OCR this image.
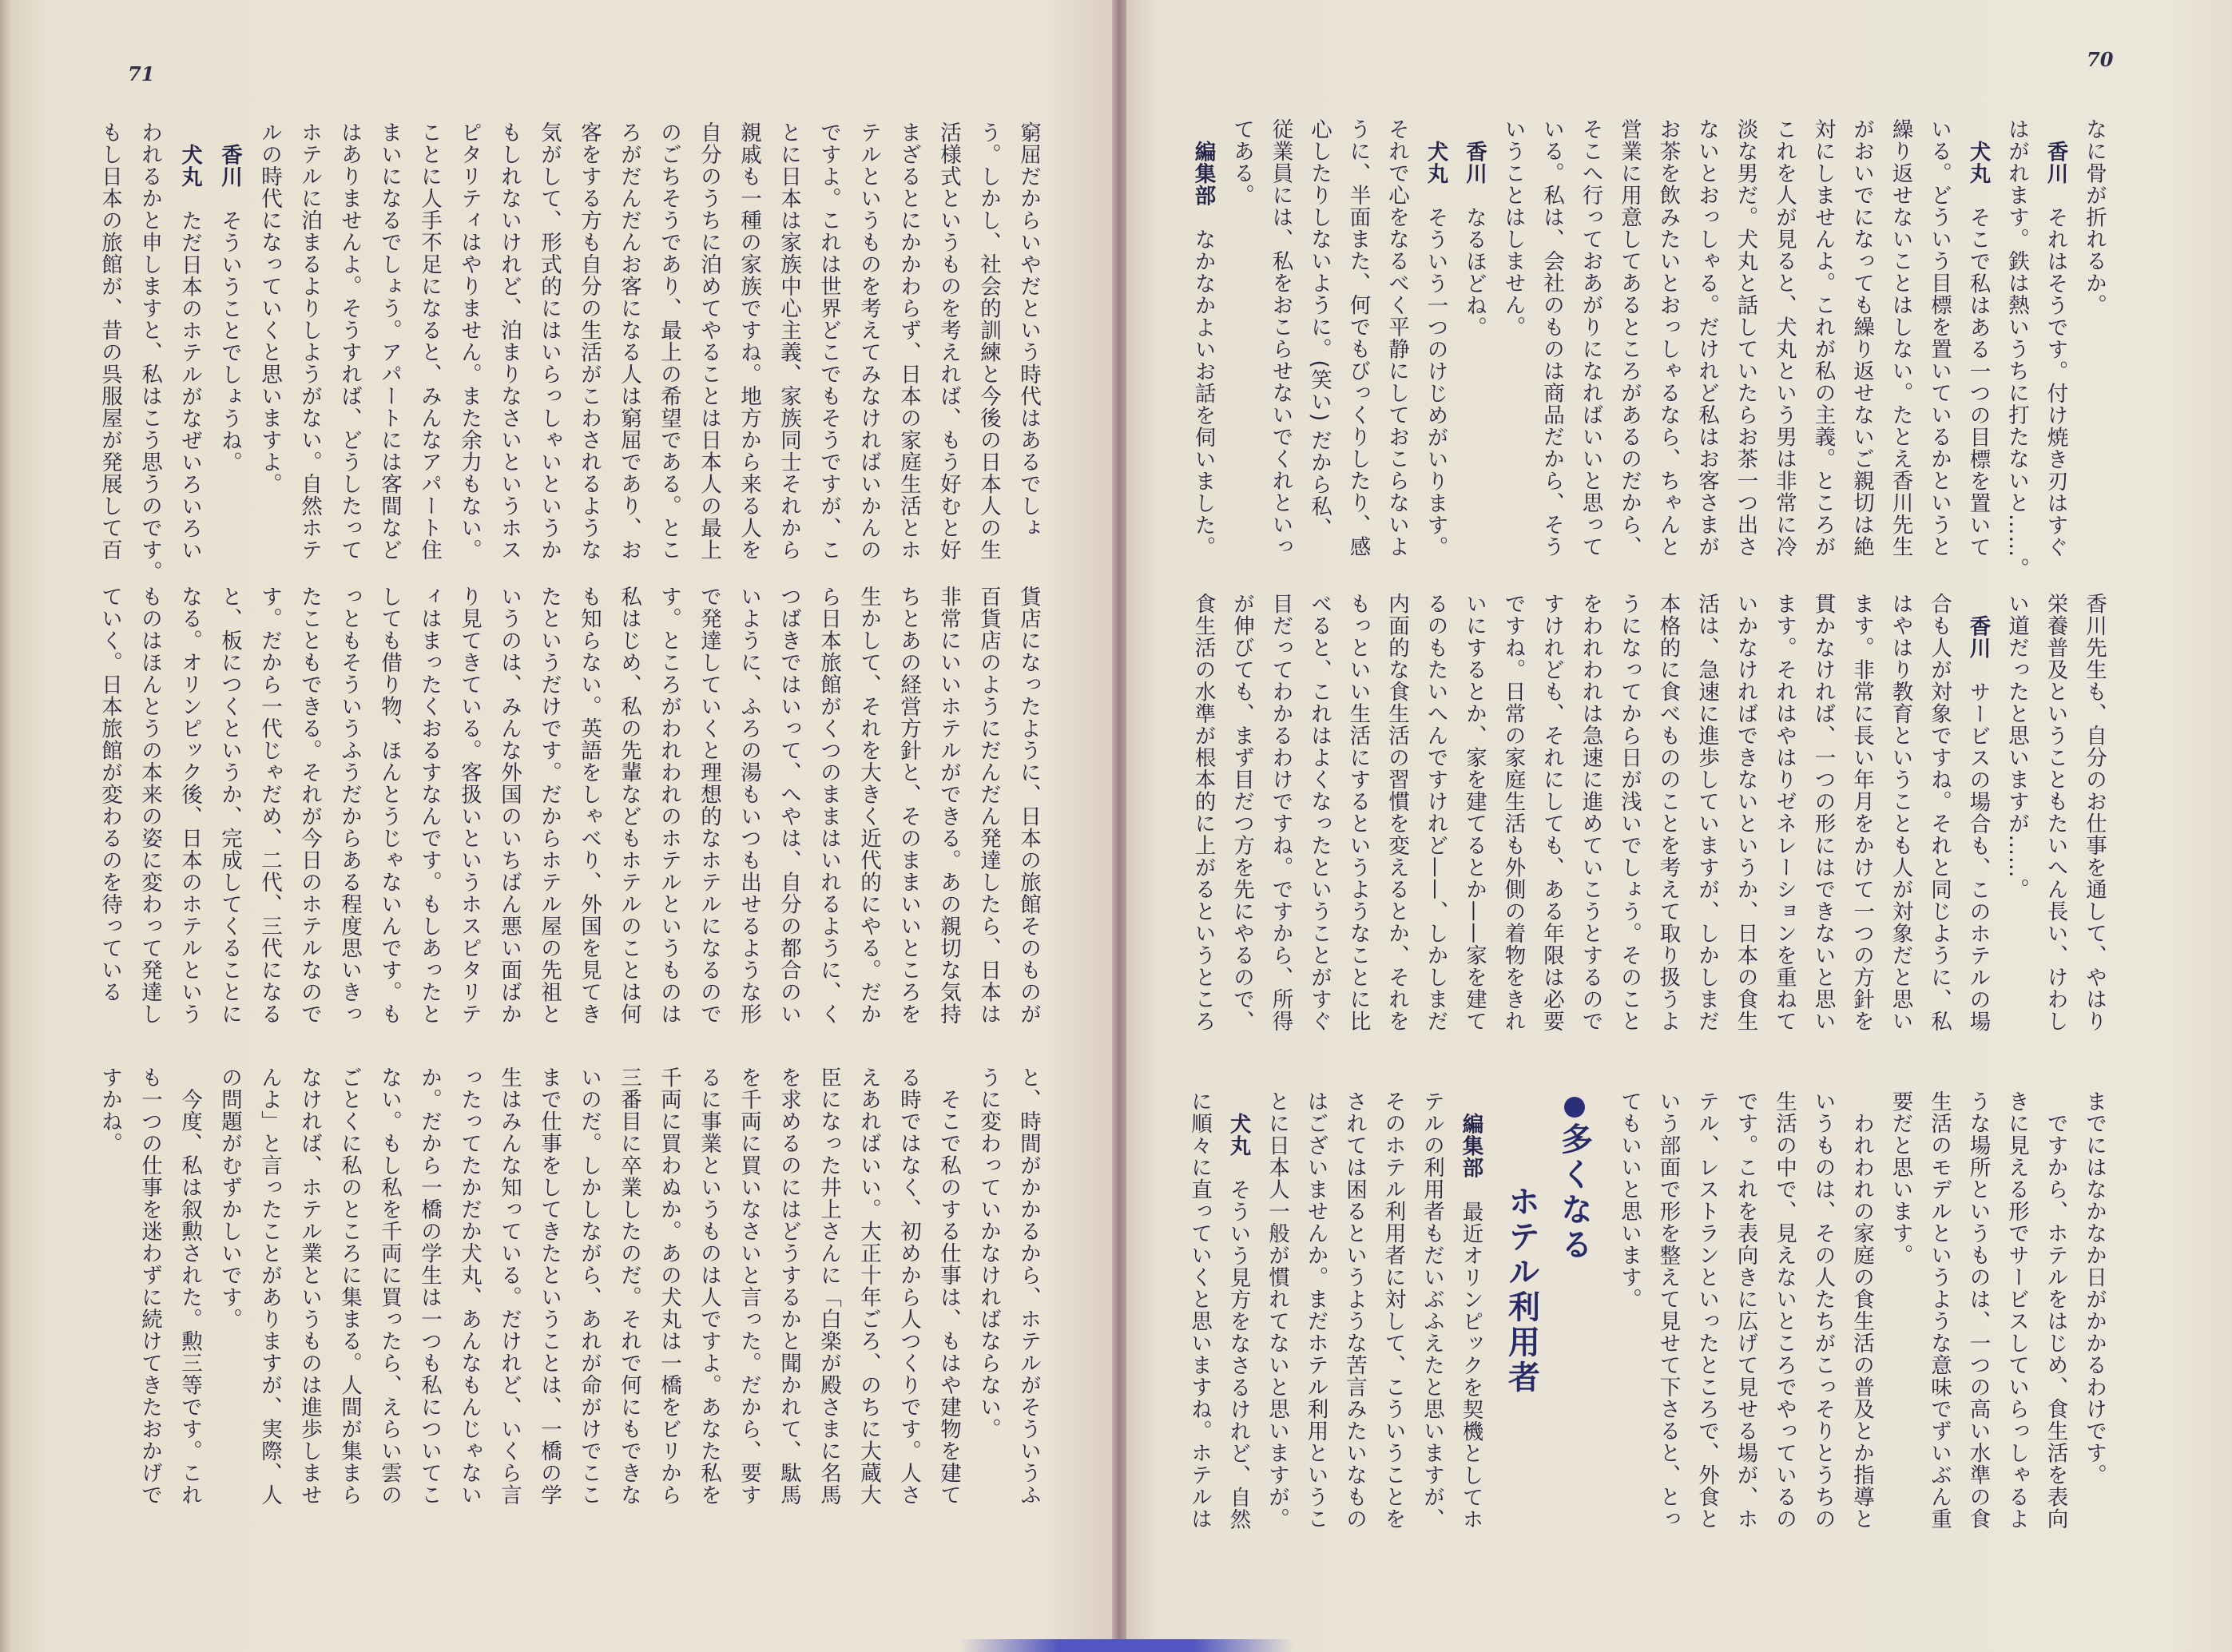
71
窮屈だからいやだという時代はあるでしょ
う。しかし、社会的訓練と今後の日本人の生
活様式というものを考えれば、もう好むと好
まざるとにかかわらず、日本の家庭生活とホ
テルというものを考えてみなければいかんの
ですよ。これは世界どこでもそうですが、こ
とに日本は家族中心主義、家族同士それから
親戚も一種の家族ですね。地方から来る人を
自分のうちに泊めてやることは日本人の最上
のごちそうであり、最上の希望である。とこ
ろがだんだんお客になる人は窮屈であり、お
客をする方も自分の生活がこわされるような
気がして、形式的にはいらっしゃいというか
もしれないけれど、泊まりなさいというホス
ピタリティはやりません。また余力もない。
ことに人手不足になると、みんなアパート住
まいになるでしょう。アパートには客間など
はありませんよ。そうすれば、どうしたって
ホテルに泊まるよりしようがない。自然ホテ
ルの時代になっていくと思いますよ。
香川そういうことでしょうね。
犬丸ただ日本のホテルがなぜいろいろい
われるかと申しますと、私はこう思うのです。
もし日本の旅館が、昔の呉服屋が発展して百
貨店になったように、日本の旅館そのものが
百貨店のようにだんだん発達したら、日本は
非常にいいホテルができる。あの親切な気持
ちとあの経営方針と、そのままいいところを
生かして、それを大きく近代的にやる。だか
ら日本旅館がくつのままはいれるように、く
つばきではいって、へやは、自分の都合のい
いように、ふろの湯もいつも出せるような形
で発達していくと理想的なホテルになるので
す。ところがわれわれのホテルというものは
私はじめ、私の先輩などもホテルのことは何
も知らない。英語をしゃべり、外国を見てき
たというだけです。だからホテル屋の先祖と
いうのは、みんな外国のいちばん悪い面ばか
り見てきている。客扱いというホスピタリテ
ィはまったくおるすなんです。もしあったと
しても借り物、ほんとうじゃないんです。も
っともそういうふうだからある程度思いきっ
たこともできる。それが今日のホテルなので
す。だから一代じゃだめ、二代、三代になる
と、板につくというか、完成してくることに
なる。オリンピック後、日本のホテルという
ものはほんとうの本来の姿に変わって発達し
ていく。日本旅館が変わるのを待っている
と、時間がかかるから、ホテルがそういうふ
うに変わっていかなければならない。
　そこで私のする仕事は、もはや建物を建て
る時ではなく、初めから人つくりです。人さ
えあればいい。大正十年ごろ、のちに大蔵大
臣になった井上さんに「白楽が殿さまに名馬
を求めるのにはどうするかと聞かれて、駄馬
を千両に買いなさいと言った。だから、要す
るに事業というものは人ですよ。あなた私を
千両に買わぬか。あの犬丸は一橋をビリから
三番目に卒業したのだ。それで何にもできな
いのだ。しかしながら、あれが命がけでここ
まで仕事をしてきたということは、一橋の学
生はみんな知っている。だけれど、いくら言
ったってたかだか犬丸、あんなもんじゃない
か。だから一橋の学生は一つも私についてこ
ない。もし私を千両に買ったら、えらい雲の
ごとくに私のところに集まる。人間が集まら
なければ、ホテル業というものは進歩しませ
んよ」と言ったことがありますが、実際、人
の問題がむずかしいです。
　今度、私は叙勲された。勲三等です。これ
も一つの仕事を迷わずに続けてきたおかげで
すかね。
70
なに骨が折れるか。
香川それはそうです。付け焼き刃はすぐ
はがれます。鉄は熱いうちに打たないと……。
犬丸そこで私はある一つの目標を置いて
いる。どういう目標を置いているかというと
繰り返せないことはしない。たとえ香川先生
がおいでになっても繰り返せないご親切は絶
対にしませんよ。これが私の主義。ところが
これを人が見ると、犬丸という男は非常に冷
淡な男だ。犬丸と話していたらお茶一つ出さ
ないとおっしゃる。だけれど私はお客さまが
お茶を飲みたいとおっしゃるなら、ちゃんと
営業に用意してあるところがあるのだから、
そこへ行っておあがりになればいいと思って
いる。私は、会社のものは商品だから、そう
いうことはしません。
香川なるほどね。
犬丸そういう一つのけじめがいります。
それで心をなるべく平静にしておこらないよ
うに、半面また、何でもびっくりしたり、感
心したりしないように。(笑い) だから私、
従業員には、私をおこらせないでくれといっ
てある。
編集部なかなかよいお話を伺いました。
香川先生も、自分のお仕事を通して、やはり
栄養普及ということもたいへん長い、けわし
い道だったと思いますが……。
香川サービスの場合も、このホテルの場
合も人が対象ですね。それと同じように、私
はやはり教育ということも人が対象だと思い
ます。非常に長い年月をかけて一つの方針を
貫かなければ、一つの形にはできないと思い
ます。それはやはりゼネレーションを重ねて
いかなければできないというか、日本の食生
活は、急速に進歩していますが、しかしまだ
本格的に食べもののことを考えて取り扱うよ
うになってから日が浅いでしょう。そのこと
をわれわれは急速に進めていこうとするので
すけれども、それにしても、ある年限は必要
ですね。日常の家庭生活も外側の着物をきれ
いにするとか、家を建てるとか——家を建て
るのもたいへんですけれど——、しかしまだ
内面的な食生活の習慣を変えるとか、それを
もっといい生活にするというようなことに比
べると、これはよくなったということがすぐ
目だってわかるわけですね。ですから、所得
が伸びても、まず目だつ方を先にやるので、
食生活の水準が根本的に上がるというところ
までにはなかなか日がかかるわけです。
　ですから、ホテルをはじめ、食生活を表向
きに見える形でサービスしていらっしゃるよ
うな場所というものは、一つの高い水準の食
生活のモデルというような意味でずいぶん重
要だと思います。
　われわれの家庭の食生活の普及とか指導と
いうものは、その人たちがこっそりとうちの
生活の中で、見えないところでやっているの
です。これを表向きに広げて見せる場が、ホ
テル、レストランといったところで、外食と
いう部面で形を整えて見せて下さると、とっ
てもいいと思います。
多くなる
ホテル利用者
編集部最近オリンピックを契機としてホ
テルの利用者もだいぶふえたと思いますが、
そのホテル利用者に対して、こういうことを
されては困るというような苦言みたいなもの
はございませんか。まだホテル利用というこ
とに日本人一般が慣れてないと思いますが。
犬丸そういう見方をなさるけれど、自然
に順々に直っていくと思いますね。ホテルは
